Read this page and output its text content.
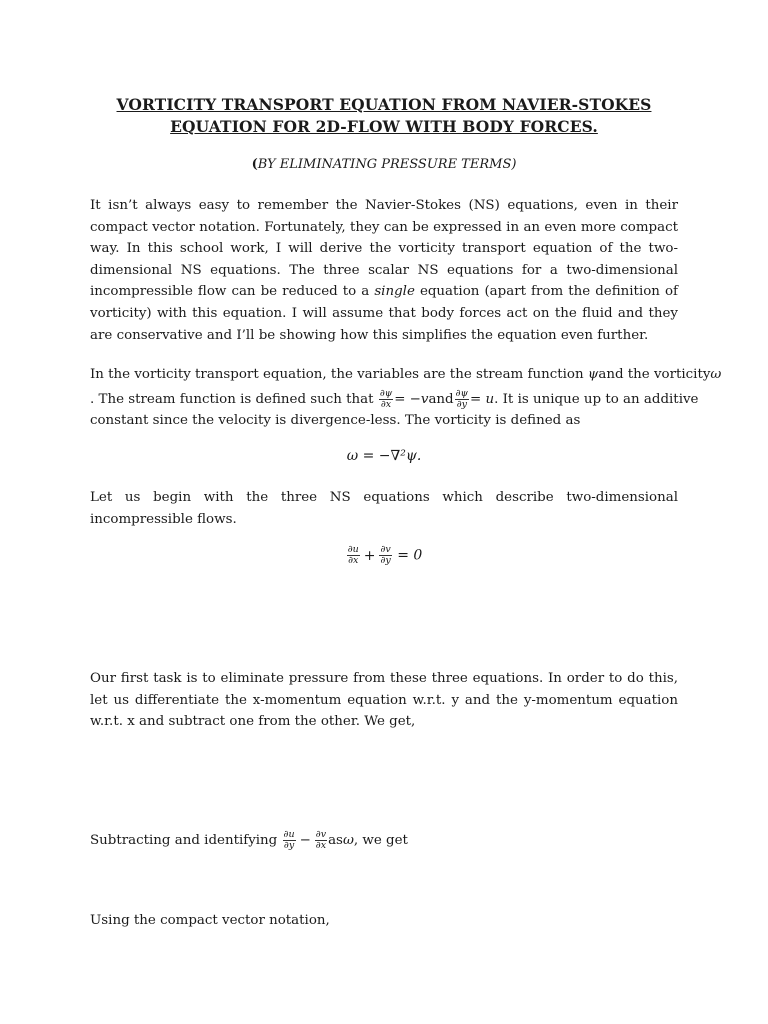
VORTICITY TRANSPORT EQUATION FROM NAVIER-STOKES
EQUATION FOR 2D-FLOW WITH BODY FORCES.
(BY ELIMINATING PRESSURE TERMS)

It isn’t always easy to remember the Navier-Stokes (NS) equations, even in their compact vector notation. Fortunately, they can be expressed in an even more compact way. In this school work, I will derive the vorticity transport equation of the two-dimensional NS equations. The three scalar NS equations for a two-dimensional incompressible flow can be reduced to a single equation (apart from the definition of vorticity) with this equation. I will assume that body forces act on the fluid and they are conservative and I’ll be showing how this simplifies the equation even further.

In the vorticity transport equation, the variables are the stream function ψand the vorticityω
. The stream function is defined such that $\frac{\partial\psi}{\partial x}$ = −vand $\frac{\partial\psi}{\partial y} = u$. It is unique up to an additive
constant since the velocity is divergence-less. The vorticity is defined as
ω = −∇²ψ.

Let us begin with the three NS equations which describe two-dimensional incompressible flows.

$\frac{\partial u}{\partial x} + \frac{\partial v}{\partial y} = 0$

Our first task is to eliminate pressure from these three equations. In order to do this, let us differentiate the x-momentum equation w.r.t. y and the y-momentum equation w.r.t. x and subtract one from the other. We get,

Subtracting and identifying $\frac{\partial u}{\partial y} - \frac{\partial v}{\partial x} as\omega$, we get
Using the compact vector notation,
